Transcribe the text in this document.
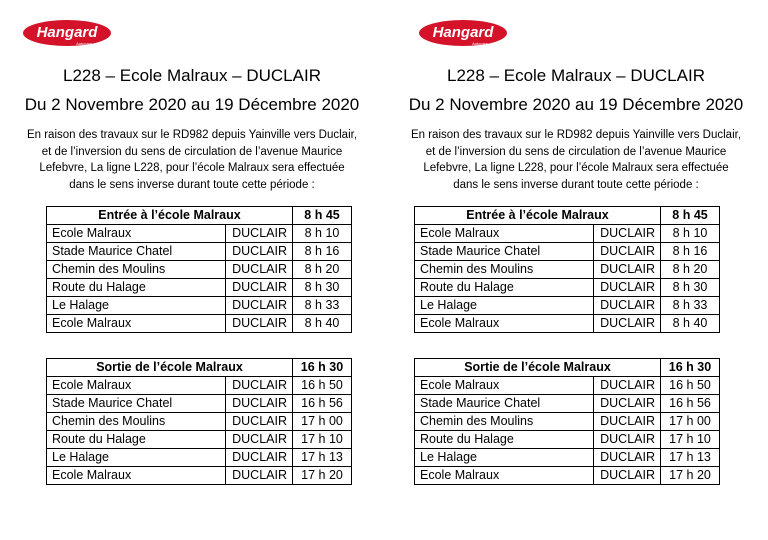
Hangard
Autocars
L228 – Ecole Malraux – DUCLAIR
Du 2 Novembre 2020 au 19 Décembre 2020
En raison des travaux sur le RD982 depuis Yainville vers Duclair,
et de l’inversion du sens de circulation de l’avenue Maurice
Lefebvre, La ligne L228, pour l’école Malraux sera effectuée
dans le sens inverse durant toute cette période :
Entrée à l’école Malraux		8 h 45
Ecole Malraux	DUCLAIR	8 h 10
Stade Maurice Chatel	DUCLAIR	8 h 16
Chemin des Moulins	DUCLAIR	8 h 20
Route du Halage	DUCLAIR	8 h 30
Le Halage	DUCLAIR	8 h 33
Ecole Malraux	DUCLAIR	8 h 40
Sortie de l’école Malraux		16 h 30
Ecole Malraux	DUCLAIR	16 h 50
Stade Maurice Chatel	DUCLAIR	16 h 56
Chemin des Moulins	DUCLAIR	17 h 00
Route du Halage	DUCLAIR	17 h 10
Le Halage	DUCLAIR	17 h 13
Ecole Malraux	DUCLAIR	17 h 20
Hangard
Autocars
L228 – Ecole Malraux – DUCLAIR
Du 2 Novembre 2020 au 19 Décembre 2020
En raison des travaux sur le RD982 depuis Yainville vers Duclair,
et de l’inversion du sens de circulation de l’avenue Maurice
Lefebvre, La ligne L228, pour l’école Malraux sera effectuée
dans le sens inverse durant toute cette période :
Entrée à l’école Malraux		8 h 45
Ecole Malraux	DUCLAIR	8 h 10
Stade Maurice Chatel	DUCLAIR	8 h 16
Chemin des Moulins	DUCLAIR	8 h 20
Route du Halage	DUCLAIR	8 h 30
Le Halage	DUCLAIR	8 h 33
Ecole Malraux	DUCLAIR	8 h 40
Sortie de l’école Malraux		16 h 30
Ecole Malraux	DUCLAIR	16 h 50
Stade Maurice Chatel	DUCLAIR	16 h 56
Chemin des Moulins	DUCLAIR	17 h 00
Route du Halage	DUCLAIR	17 h 10
Le Halage	DUCLAIR	17 h 13
Ecole Malraux	DUCLAIR	17 h 20
